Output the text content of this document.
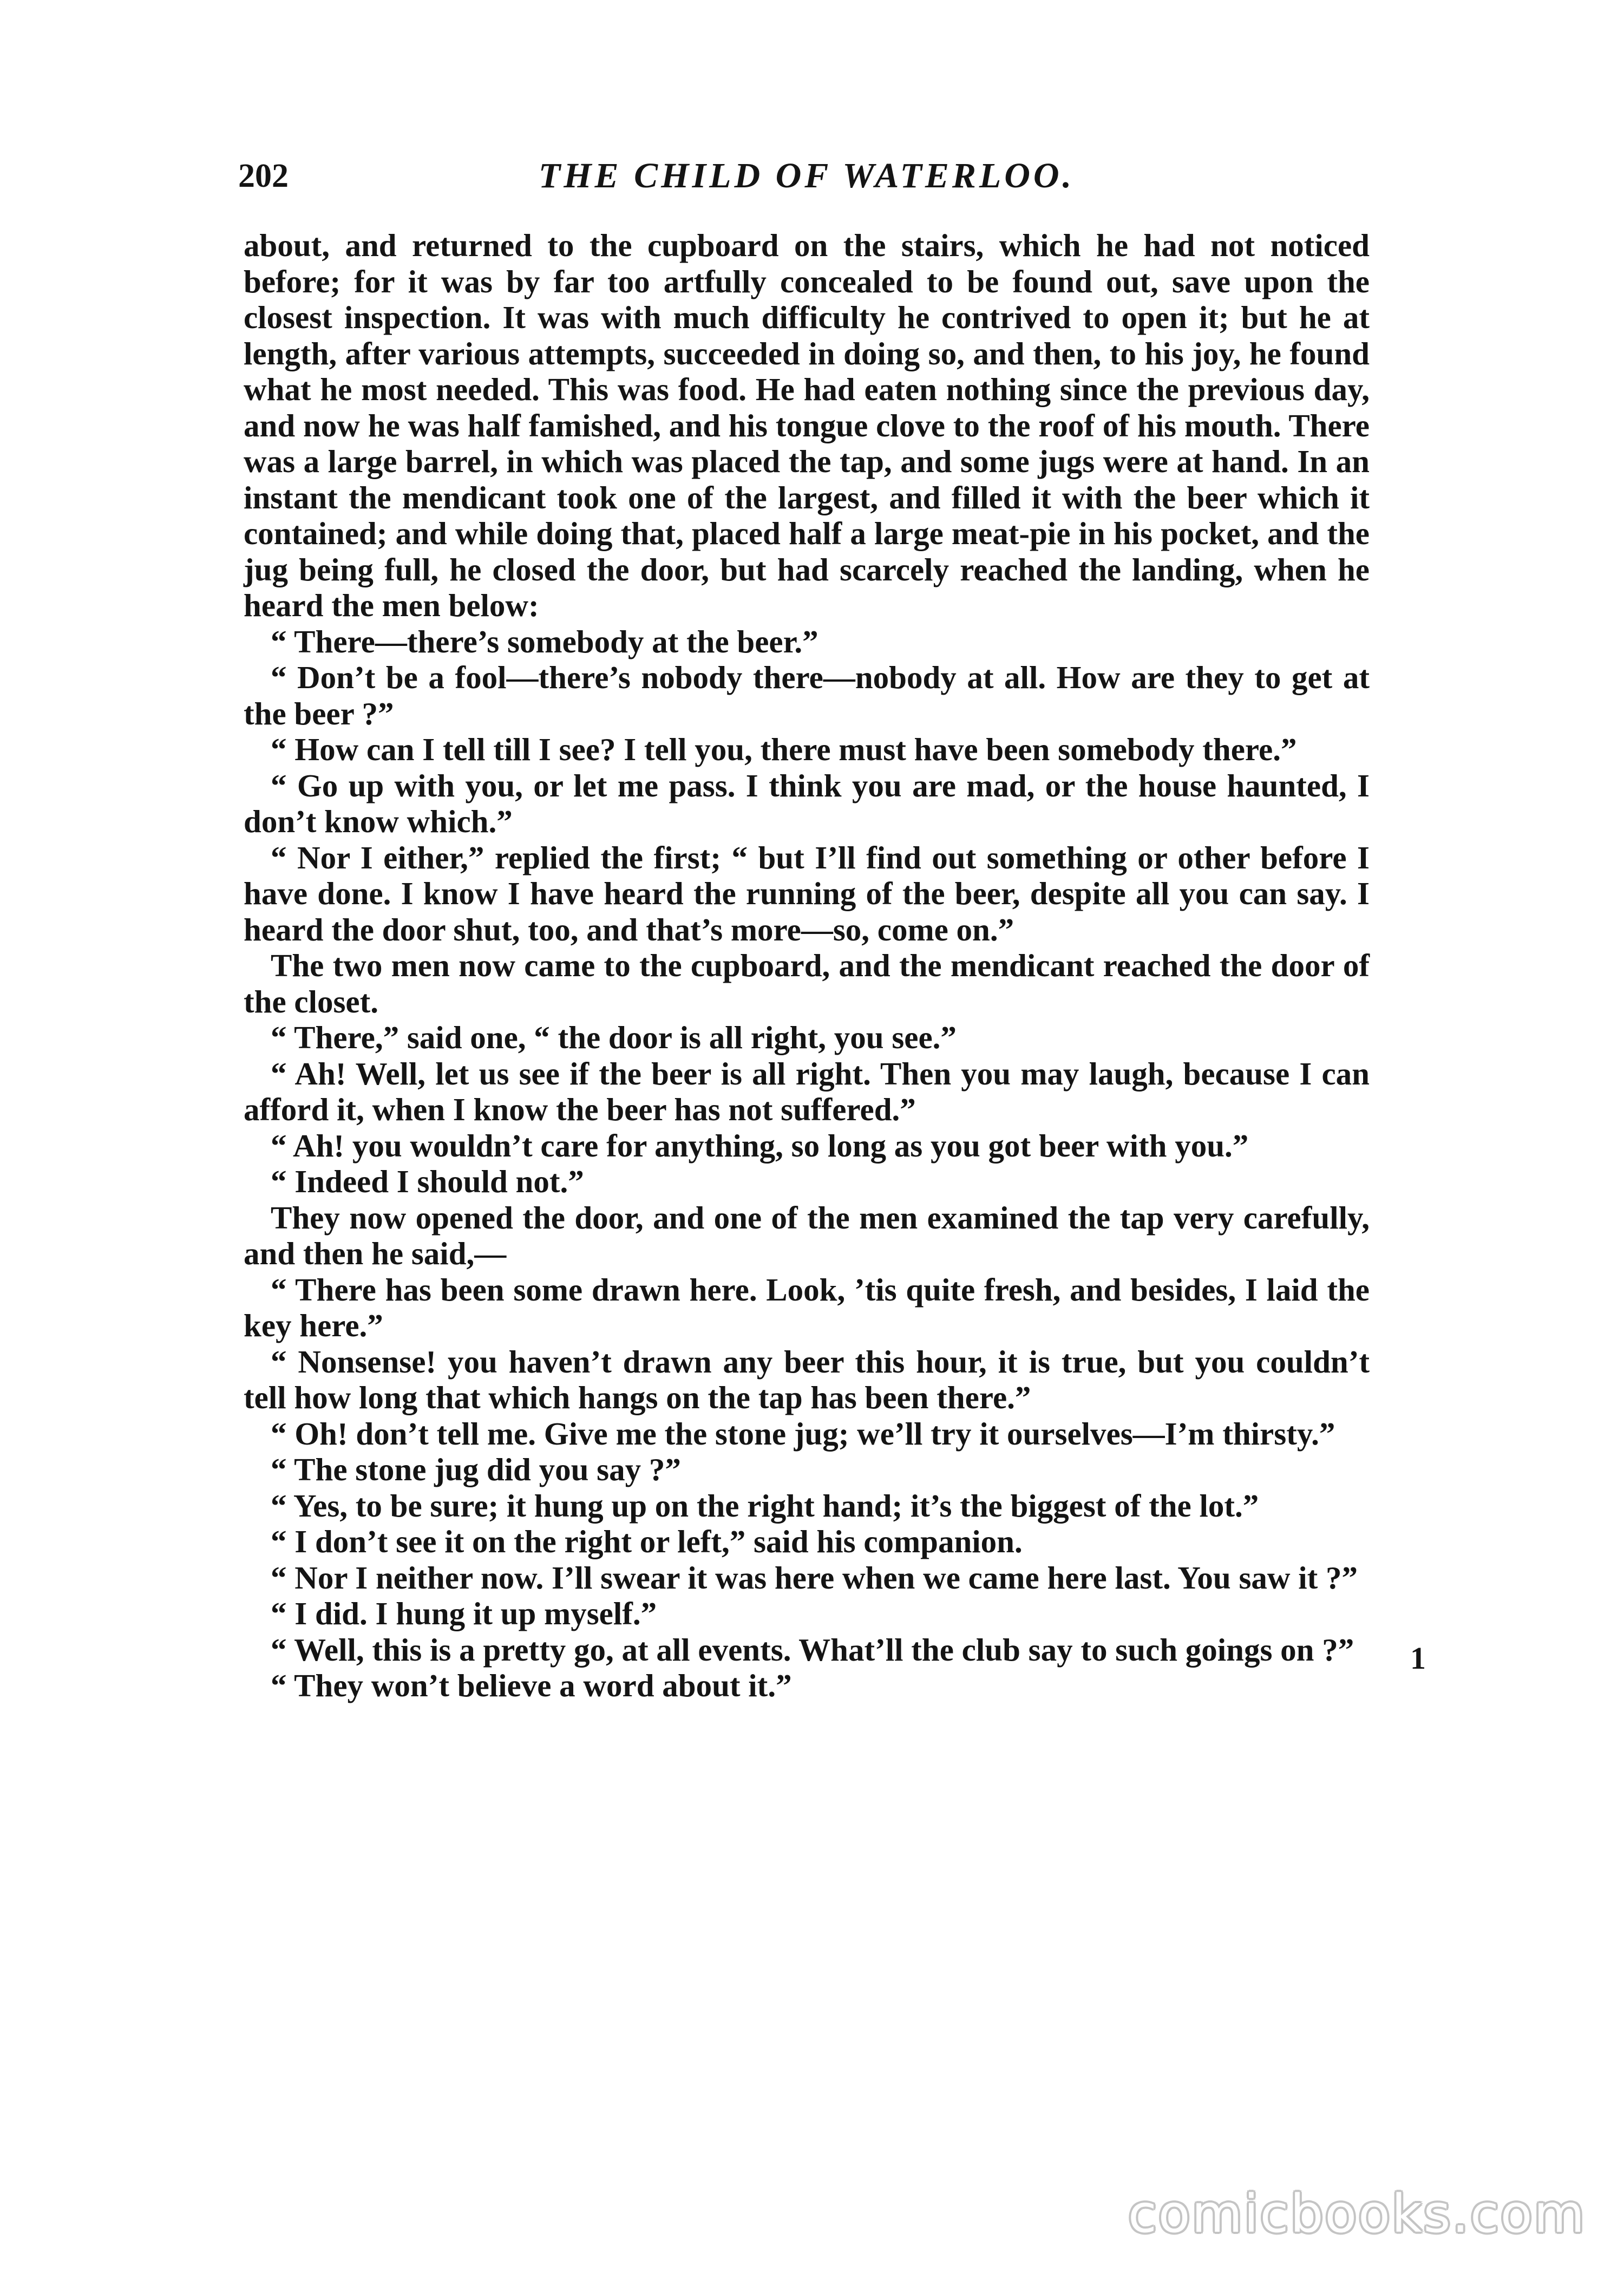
202	THE CHILD OF WATERLOO.

about, and returned to the cupboard on the stairs, which he had not noticed before; for it was by far too artfully concealed to be found out, save upon the closest inspection. It was with much difficulty he contrived to open it; but he at length, after various attempts, succeeded in doing so, and then, to his joy, he found what he most needed. This was food. He had eaten nothing since the previous day, and now he was half famished, and his tongue clove to the roof of his mouth. There was a large barrel, in which was placed the tap, and some jugs were at hand. In an instant the mendicant took one of the largest, and filled it with the beer which it contained; and while doing that, placed half a large meat-pie in his pocket, and the jug being full, he closed the door, but had scarcely reached the landing, when he heard the men below:

“ There—there’s somebody at the beer.”

“ Don’t be a fool—there’s nobody there—nobody at all. How are they to get at the beer ?”

“ How can I tell till I see? I tell you, there must have been somebody there.”

“ Go up with you, or let me pass. I think you are mad, or the house haunted, I don’t know which.”

“ Nor I either,” replied the first; “ but I’ll find out something or other before I have done. I know I have heard the running of the beer, despite all you can say. I heard the door shut, too, and that’s more—so, come on.”

The two men now came to the cupboard, and the mendicant reached the door of the closet.

“ There,” said one, “ the door is all right, you see.”

“ Ah! Well, let us see if the beer is all right. Then you may laugh, because I can afford it, when I know the beer has not suffered.”

“ Ah! you wouldn’t care for anything, so long as you got beer with you.”

“ Indeed I should not.”

They now opened the door, and one of the men examined the tap very carefully, and then he said,—

“ There has been some drawn here. Look, ’tis quite fresh, and besides, I laid the key here.”

“ Nonsense! you haven’t drawn any beer this hour, it is true, but you couldn’t tell how long that which hangs on the tap has been there.”

“ Oh! don’t tell me. Give me the stone jug; we’ll try it ourselves—I’m thirsty.”

“ The stone jug did you say ?”

“ Yes, to be sure; it hung up on the right hand; it’s the biggest of the lot.”

“ I don’t see it on the right or left,” said his companion.

“ Nor I neither now. I’ll swear it was here when we came here last. You saw it ?”

“ I did. I hung it up myself.”

“ Well, this is a pretty go, at all events. What’ll the club say to such goings on ?”

“ They won’t believe a word about it.”

1
comicbooks.com
